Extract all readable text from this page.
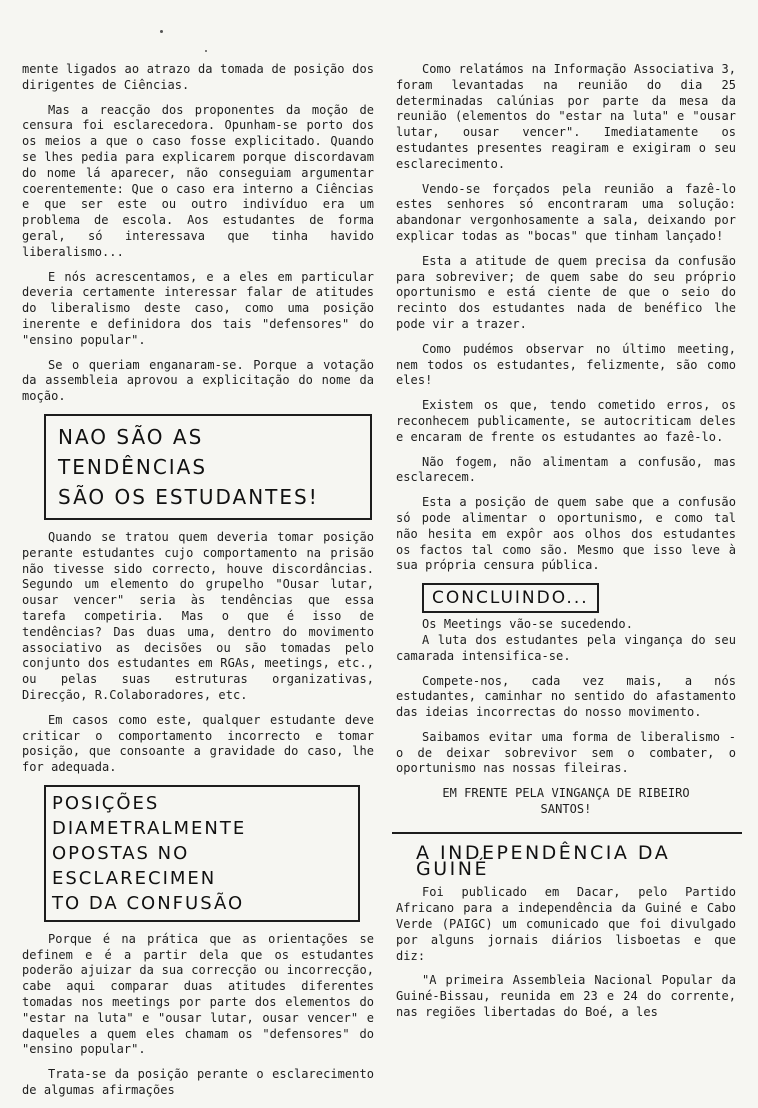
mente ligados ao atrazo da tomada de posição dos dirigentes de Ciências.

Mas a reacção dos proponentes da moção de censura foi esclarecedora. Opunham-se porto dos os meios a que o caso fosse explicitado. Quando se lhes pedia para explicarem porque discordavam do nome lá aparecer, não conseguiam argumentar coerentemente: Que o caso era interno a Ciências e que ser este ou outro indivíduo era um problema de escola. Aos estudantes de forma geral, só interessava que tinha havido liberalismo...

E nós acrescentamos, e a eles em particular deveria certamente interessar falar de atitudes do liberalismo deste caso, como uma posição inerente e definidora dos tais "defensores" do "ensino popular".

Se o queriam enganaram-se. Porque a votação da assembleia aprovou a explicitação do nome da moção.

NAO SÃO AS TENDÊNCIAS
SÃO OS ESTUDANTES!

Quando se tratou quem deveria tomar posição perante estudantes cujo comportamento na prisão não tivesse sido correcto, houve discordâncias. Segundo um elemento do grupelho "Ousar lutar, ousar vencer" seria às tendências que essa tarefa competiria. Mas o que é isso de tendências? Das duas uma, dentro do movimento associativo as decisões ou são tomadas pelo conjunto dos estudantes em RGAs, meetings, etc., ou pelas suas estruturas organizativas, Direcção, R.Colaboradores, etc.

Em casos como este, qualquer estudante deve criticar o comportamento incorrecto e tomar posição, que consoante a gravidade do caso, lhe for adequada.

POSIÇÕES DIAMETRALMENTE
OPOSTAS NO ESCLARECIMEN
TO DA CONFUSÃO

Porque é na prática que as orientações se definem e é a partir dela que os estudantes poderão ajuizar da sua correcção ou incorrecção, cabe aqui comparar duas atitudes diferentes tomadas nos meetings por parte dos elementos do "estar na luta" e "ousar lutar, ousar vencer" e daqueles a quem eles chamam os "defensores" do "ensino popular".

Trata-se da posição perante o esclarecimento de algumas afirmações

Como relatámos na Informação Associativa 3, foram levantadas na reunião do dia 25 determinadas calúnias por parte da mesa da reunião (elementos do "estar na luta" e "ousar lutar, ousar vencer". Imediatamente os estudantes presentes reagiram e exigiram o seu esclarecimento.

Vendo-se forçados pela reunião a fazê-lo estes senhores só encontraram uma solução: abandonar vergonhosamente a sala, deixando por explicar todas as "bocas" que tinham lançado!

Esta a atitude de quem precisa da confusão para sobreviver; de quem sabe do seu próprio oportunismo e está ciente de que o seio do recinto dos estudantes nada de benéfico lhe pode vir a trazer.

Como pudémos observar no último meeting, nem todos os estudantes, felizmente, são como eles!

Existem os que, tendo cometido erros, os reconhecem publicamente, se autocriticam deles e encaram de frente os estudantes ao fazê-lo.

Não fogem, não alimentam a confusão, mas esclarecem.

Esta a posição de quem sabe que a confusão só pode alimentar o oportunismo, e como tal não hesita em expôr aos olhos dos estudantes os factos tal como são. Mesmo que isso leve à sua própria censura pública.

CONCLUINDO...

Os Meetings vão-se sucedendo.

A luta dos estudantes pela vingança do seu camarada intensifica-se.

Compete-nos, cada vez mais, a nós estudantes, caminhar no sentido do afastamento das ideias incorrectas do nosso movimento.

Saibamos evitar uma forma de liberalismo - o de deixar sobrevivor sem o combater, o oportunismo nas nossas fileiras.

EM FRENTE PELA VINGANÇA DE RIBEIRO SANTOS!

A INDEPENDÊNCIA DA GUINÉ

Foi publicado em Dacar, pelo Partido Africano para a independência da Guiné e Cabo Verde (PAIGC) um comunicado que foi divulgado por alguns jornais diários lisboetas e que diz:

"A primeira Assembleia Nacional Popular da Guiné-Bissau, reunida em 23 e 24 do corrente, nas regiões libertadas do Boé, a les
